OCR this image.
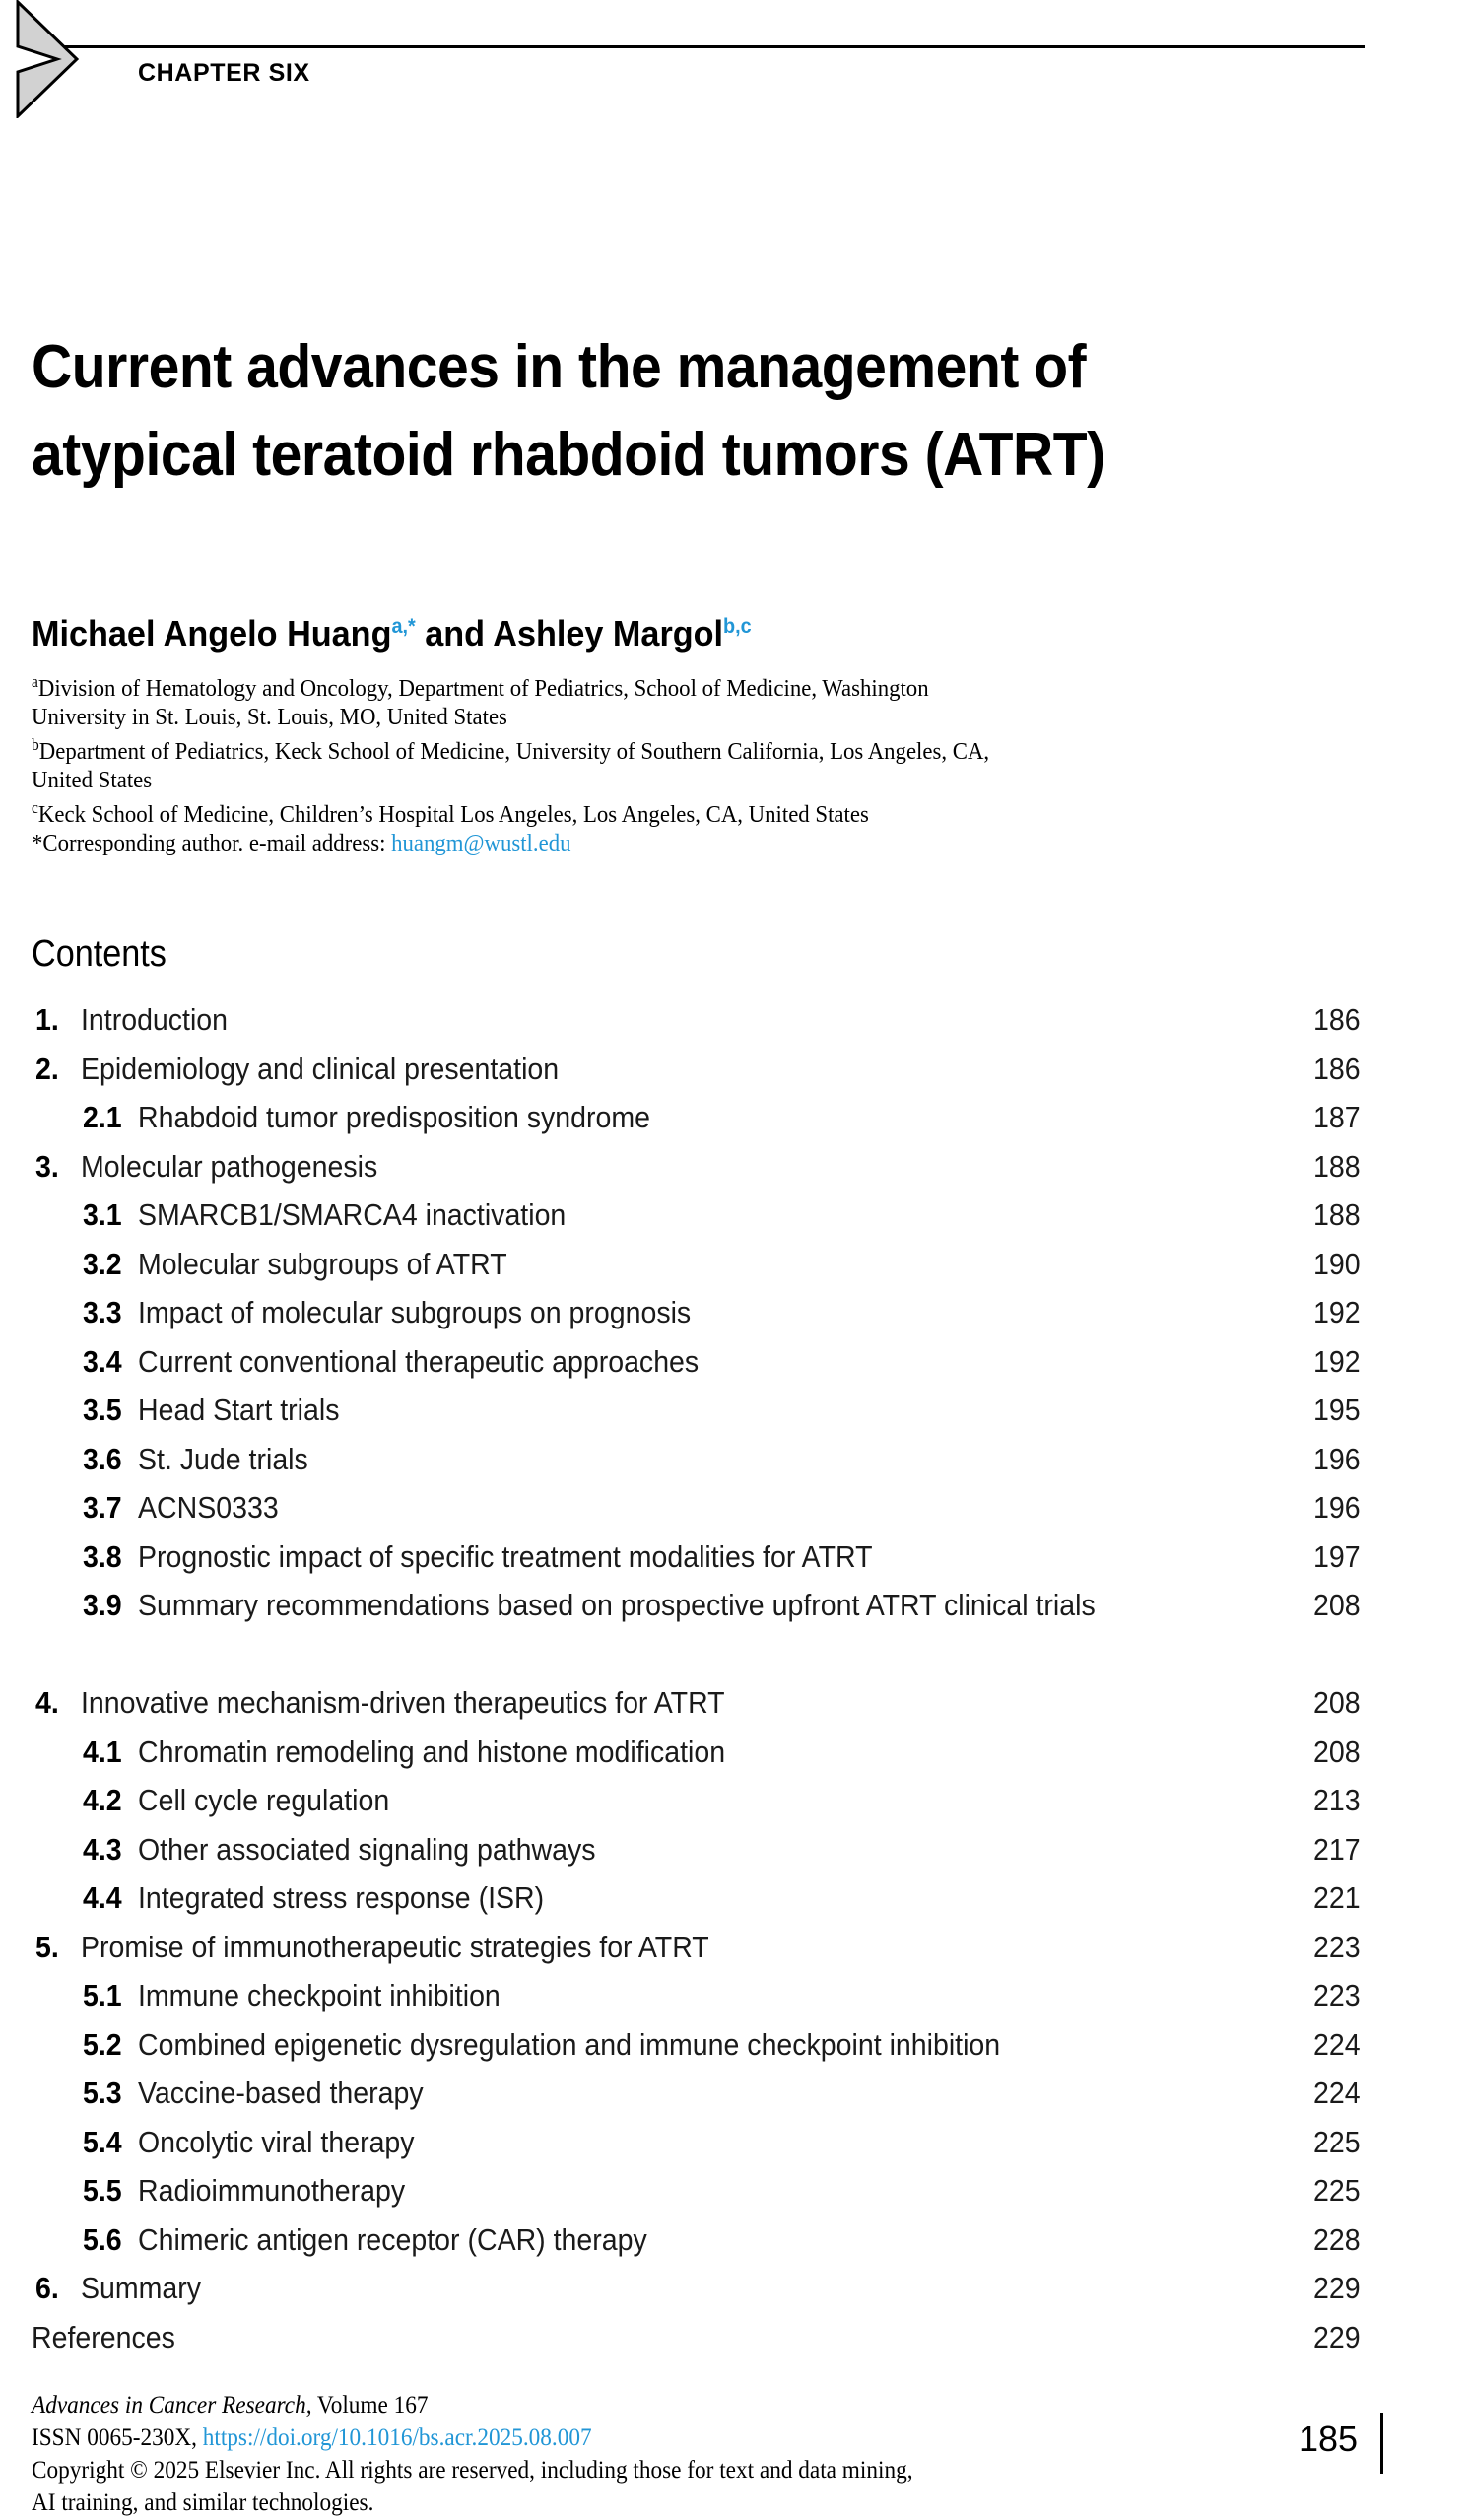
CHAPTER SIX
Current advances in the management of atypical teratoid rhabdoid tumors (ATRT)
Michael Angelo Huang$^{a,*}$ and Ashley Margol$^{b,c}$
$^a$Division of Hematology and Oncology, Department of Pediatrics, School of Medicine, Washington
University in St. Louis, St. Louis, MO, United States
$^b$Department of Pediatrics, Keck School of Medicine, University of Southern California, Los Angeles, CA,
United States
$^c$Keck School of Medicine, Children’s Hospital Los Angeles, Los Angeles, CA, United States
*Corresponding author. e-mail address: huangm@wustl.edu
Contents
1. Introduction	186
2. Epidemiology and clinical presentation	186
2.1 Rhabdoid tumor predisposition syndrome	187
3. Molecular pathogenesis	188
3.1 SMARCB1/SMARCA4 inactivation	188
3.2 Molecular subgroups of ATRT	190
3.3 Impact of molecular subgroups on prognosis	192
3.4 Current conventional therapeutic approaches	192
3.5 Head Start trials	195
3.6 St. Jude trials	196
3.7 ACNS0333	196
3.8 Prognostic impact of specific treatment modalities for ATRT	197
3.9 Summary recommendations based on prospective upfront ATRT clinical trials	208
4. Innovative mechanism-driven therapeutics for ATRT	208
4.1 Chromatin remodeling and histone modification	208
4.2 Cell cycle regulation	213
4.3 Other associated signaling pathways	217
4.4 Integrated stress response (ISR)	221
5. Promise of immunotherapeutic strategies for ATRT	223
5.1 Immune checkpoint inhibition	223
5.2 Combined epigenetic dysregulation and immune checkpoint inhibition	224
5.3 Vaccine-based therapy	224
5.4 Oncolytic viral therapy	225
5.5 Radioimmunotherapy	225
5.6 Chimeric antigen receptor (CAR) therapy	228
6. Summary	229
References	229
Advances in Cancer Research, Volume 167
ISSN 0065-230X, https://doi.org/10.1016/bs.acr.2025.08.007
Copyright © 2025 Elsevier Inc. All rights are reserved, including those for text and data mining,
AI training, and similar technologies.
185
